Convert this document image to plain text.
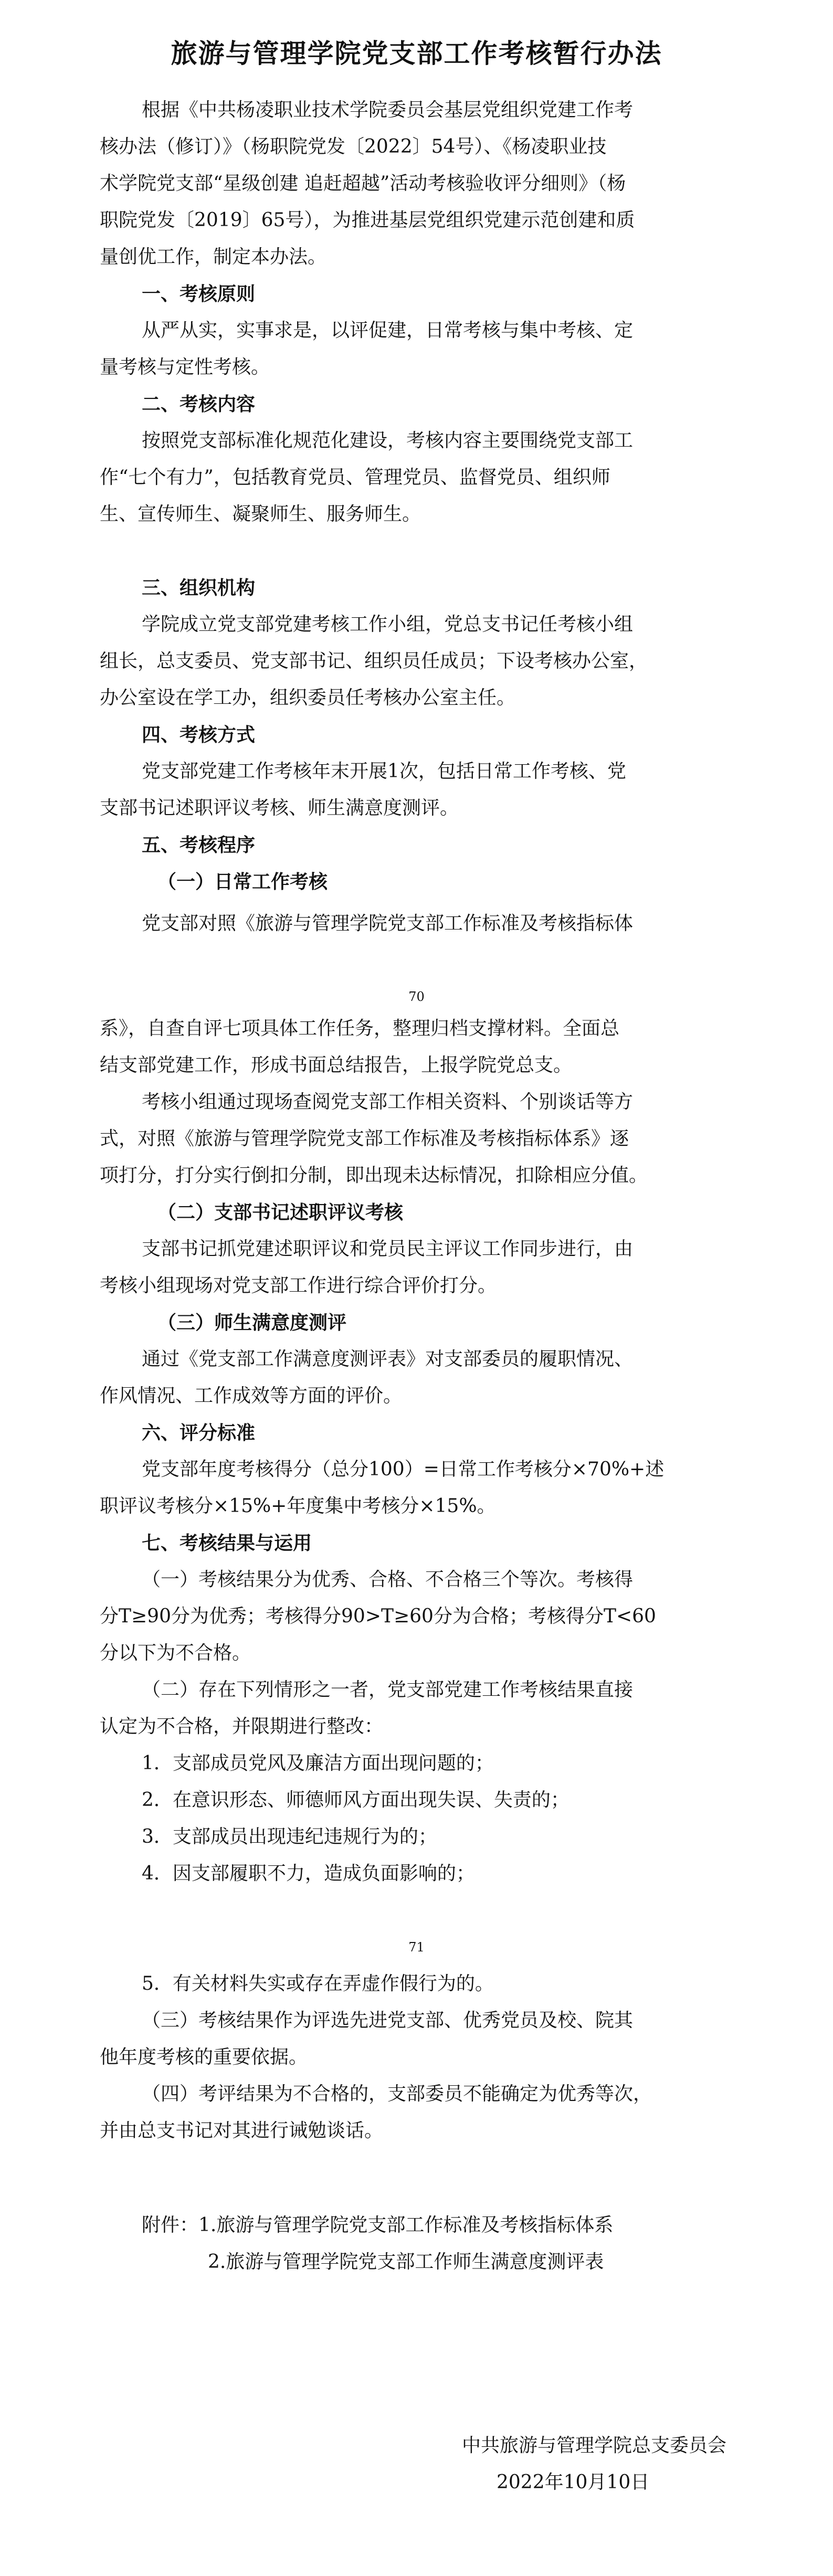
旅游与管理学院党支部工作考核暂行办法
根据《中共杨凌职业技术学院委员会基层党组织党建工作考
核办法（修订）》（杨职院党发〔2022〕54号）、《杨凌职业技
术学院党支部“星级创建 追赶超越”活动考核验收评分细则》（杨
职院党发〔2019〕65号），为推进基层党组织党建示范创建和质
量创优工作，制定本办法。
一、考核原则
从严从实，实事求是，以评促建，日常考核与集中考核、定
量考核与定性考核。
二、考核内容
按照党支部标准化规范化建设，考核内容主要围绕党支部工
作“七个有力”，包括教育党员、管理党员、监督党员、组织师
生、宣传师生、凝聚师生、服务师生。
三、组织机构
学院成立党支部党建考核工作小组，党总支书记任考核小组
组长，总支委员、党支部书记、组织员任成员；下设考核办公室，
办公室设在学工办，组织委员任考核办公室主任。
四、考核方式
党支部党建工作考核年末开展1次，包括日常工作考核、党
支部书记述职评议考核、师生满意度测评。
五、考核程序
（一）日常工作考核
党支部对照《旅游与管理学院党支部工作标准及考核指标体
70
系》，自查自评七项具体工作任务，整理归档支撑材料。全面总
结支部党建工作，形成书面总结报告，上报学院党总支。
考核小组通过现场查阅党支部工作相关资料、个别谈话等方
式，对照《旅游与管理学院党支部工作标准及考核指标体系》逐
项打分，打分实行倒扣分制，即出现未达标情况，扣除相应分值。
（二）支部书记述职评议考核
支部书记抓党建述职评议和党员民主评议工作同步进行，由
考核小组现场对党支部工作进行综合评价打分。
（三）师生满意度测评
通过《党支部工作满意度测评表》对支部委员的履职情况、
作风情况、工作成效等方面的评价。
六、评分标准
党支部年度考核得分（总分100）=日常工作考核分×70%+述
职评议考核分×15%+年度集中考核分×15%。
七、考核结果与运用
（一）考核结果分为优秀、合格、不合格三个等次。考核得
分T≥90分为优秀；考核得分90>T≥60分为合格；考核得分T<60
分以下为不合格。
（二）存在下列情形之一者，党支部党建工作考核结果直接
认定为不合格，并限期进行整改：
1．支部成员党风及廉洁方面出现问题的；
2．在意识形态、师德师风方面出现失误、失责的；
3．支部成员出现违纪违规行为的；
4．因支部履职不力，造成负面影响的；
71
5．有关材料失实或存在弄虚作假行为的。
（三）考核结果作为评选先进党支部、优秀党员及校、院其
他年度考核的重要依据。
（四）考评结果为不合格的，支部委员不能确定为优秀等次，
并由总支书记对其进行诫勉谈话。
附件：1.旅游与管理学院党支部工作标准及考核指标体系
2.旅游与管理学院党支部工作师生满意度测评表
中共旅游与管理学院总支委员会
2022年10月10日
